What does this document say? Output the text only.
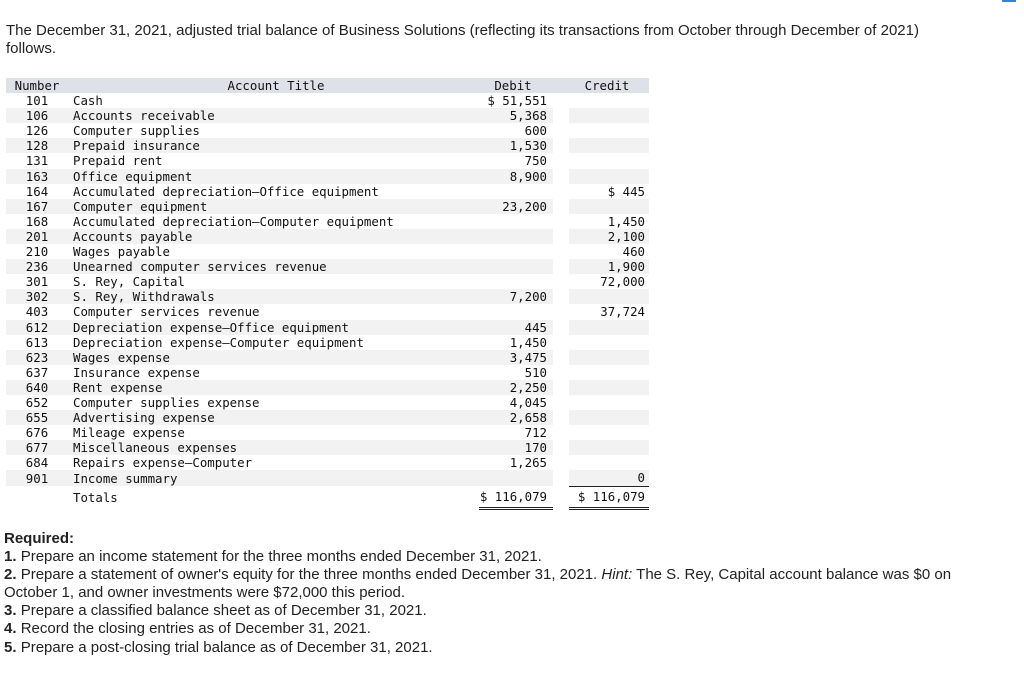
The December 31, 2021, adjusted trial balance of Business Solutions (reflecting its transactions from October through December of 2021) follows.

Number	Account Title	Debit		Credit
101	Cash	$ 51,551		
106	Accounts receivable	5,368		
126	Computer supplies	600		
128	Prepaid insurance	1,530		
131	Prepaid rent	750		
163	Office equipment	8,900		
164	Accumulated depreciation—Office equipment			$ 445
167	Computer equipment	23,200		
168	Accumulated depreciation—Computer equipment			1,450
201	Accounts payable			2,100
210	Wages payable			460
236	Unearned computer services revenue			1,900
301	S. Rey, Capital			72,000
302	S. Rey, Withdrawals	7,200		
403	Computer services revenue			37,724
612	Depreciation expense—Office equipment	445		
613	Depreciation expense—Computer equipment	1,450		
623	Wages expense	3,475		
637	Insurance expense	510		
640	Rent expense	2,250		
652	Computer supplies expense	4,045		
655	Advertising expense	2,658		
676	Mileage expense	712		
677	Miscellaneous expenses	170		
684	Repairs expense—Computer	1,265		
901	Income summary			0
	Totals	$ 116,079		$ 116,079
Required:
1. Prepare an income statement for the three months ended December 31, 2021.
2. Prepare a statement of owner's equity for the three months ended December 31, 2021. Hint: The S. Rey, Capital account balance was $0 on October 1, and owner investments were $72,000 this period.
3. Prepare a classified balance sheet as of December 31, 2021.
4. Record the closing entries as of December 31, 2021.
5. Prepare a post-closing trial balance as of December 31, 2021.
